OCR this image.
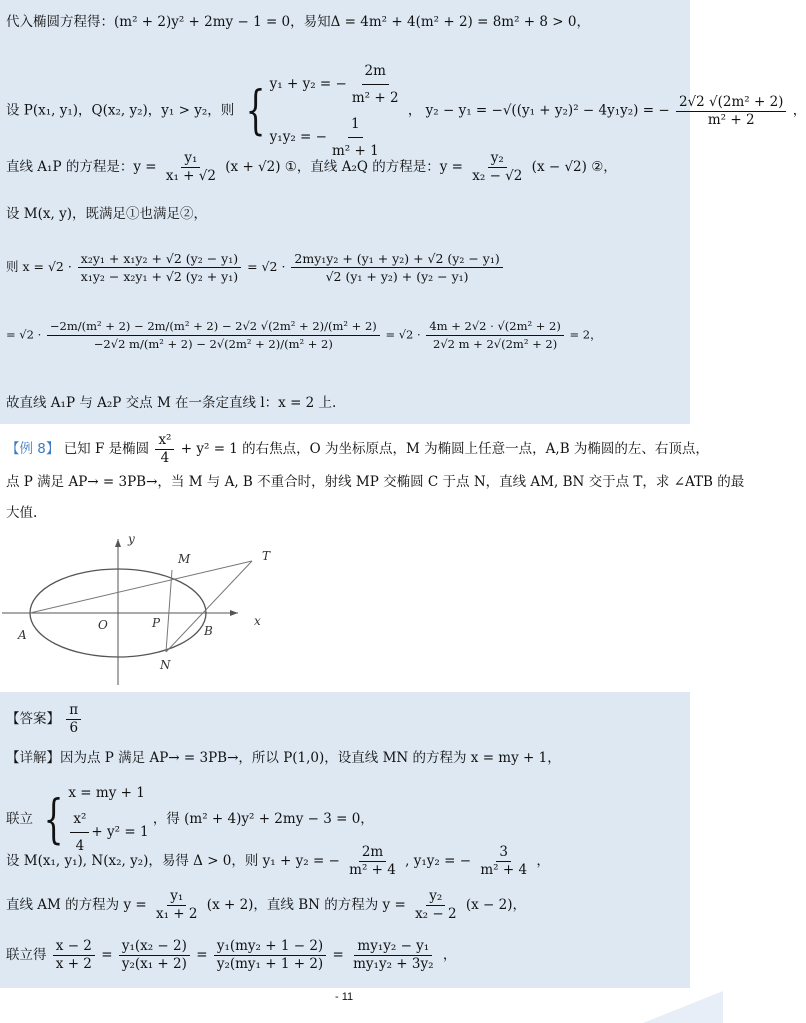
代入椭圆方程得：(m² + 2)y² + 2my − 1 = 0，易知Δ = 4m² + 4(m² + 2) = 8m² + 8 > 0，
设 P(x₁, y₁)，Q(x₂, y₂)，y₁ > y₂，则 { y₁ + y₂ = − $\frac{2m}{\text{m² + 2}}$
y₁y₂ = − $\frac{1}{\text{m² + 1}}$
， y₂ − y₁ = −√((y₁ + y₂)² − 4y₁y₂) = − $\frac{\text{2√2 √(2m² + 2)}}{\text{m² + 2}}$ ，
直线 A₁P 的方程是：$y = \frac{\text{y₁}}{\text{x₁ + √2}} (x + √2)$ ①，直线 A₂Q 的方程是：$y = \frac{\text{y₂}}{\text{x₂ − √2}} (x - √2)$ ②，
设 M(x, y)，既满足①也满足②，
则 $x = √2 \cdot \frac{\text{x₂y₁ + x₁y₂ + √2 (y₂ − y₁)}}{\text{x₁y₂ − x₂y₁ + √2 (y₂ + y₁)}} = √2 \cdot \frac{\text{2my₁y₂ + (y₁ + y₂) + √2 (y₂ − y₁)}}{\text{√2 (y₁ + y₂) + (y₂ − y₁)}}$
= $√2 \cdot \frac{\text{−2m/(m² + 2) − 2m/(m² + 2) − 2√2 √(2m² + 2)/(m² + 2)}}{\text{−2√2 m/(m² + 2) − 2√(2m² + 2)/(m² + 2)}} = √2 \cdot \frac{\text{4m + 2√2 · √(2m² + 2)}}{\text{2√2 m + 2√(2m² + 2)}} = 2$，
故直线 A₁P 与 A₂P 交点 M 在一条定直线 l：x = 2 上.
【例 8】 已知 F 是椭圆 $\frac{\text{x²}}{4} + y^2 = 1$ 的右焦点，O 为坐标原点，M 为椭圆上任意一点，A,B 为椭圆的左、右顶点，
点 P 满足 AP→ = 3PB→，当 M 与 A, B 不重合时，射线 MP 交椭圆 C 于点 N，直线 AM, BN 交于点 T，求 ∠ATB 的最
大值.
y
x
A
O	P
B
M
N
T
【答案】 $\frac{\pi}{6}$
【详解】因为点 P 满足 AP→ = 3PB→，所以 P(1,0)，设直线 MN 的方程为 x = my + 1，
联立 { x = my + 1
$\frac{\text{x²}}{4} + y^2 = 1$
，得 (m² + 4)y² + 2my − 3 = 0，
设 M(x₁, y₁), N(x₂, y₂)，易得 Δ > 0，则 y₁ + y₂ = − $\frac{2m}{\text{m² + 4}}$ , y₁y₂ = − $\frac{3}{\text{m² + 4}}$ ，
直线 AM 的方程为 $y = \frac{\text{y₁}}{\text{x₁ + 2}} (x + 2)$，直线 BN 的方程为 $y = \frac{\text{y₂}}{\text{x₂ − 2}} (x - 2)$，
联立得 $\frac{x - 2}{x + 2} = \frac{\text{y₁(x₂ − 2)}}{\text{y₂(x₁ + 2)}} = \frac{\text{y₁(my₂ + 1 − 2)}}{\text{y₂(my₁ + 1 + 2)}} = \frac{\text{my₁y₂ − y₁}}{\text{my₁y₂ + 3y₂}}$ ，
- 11
